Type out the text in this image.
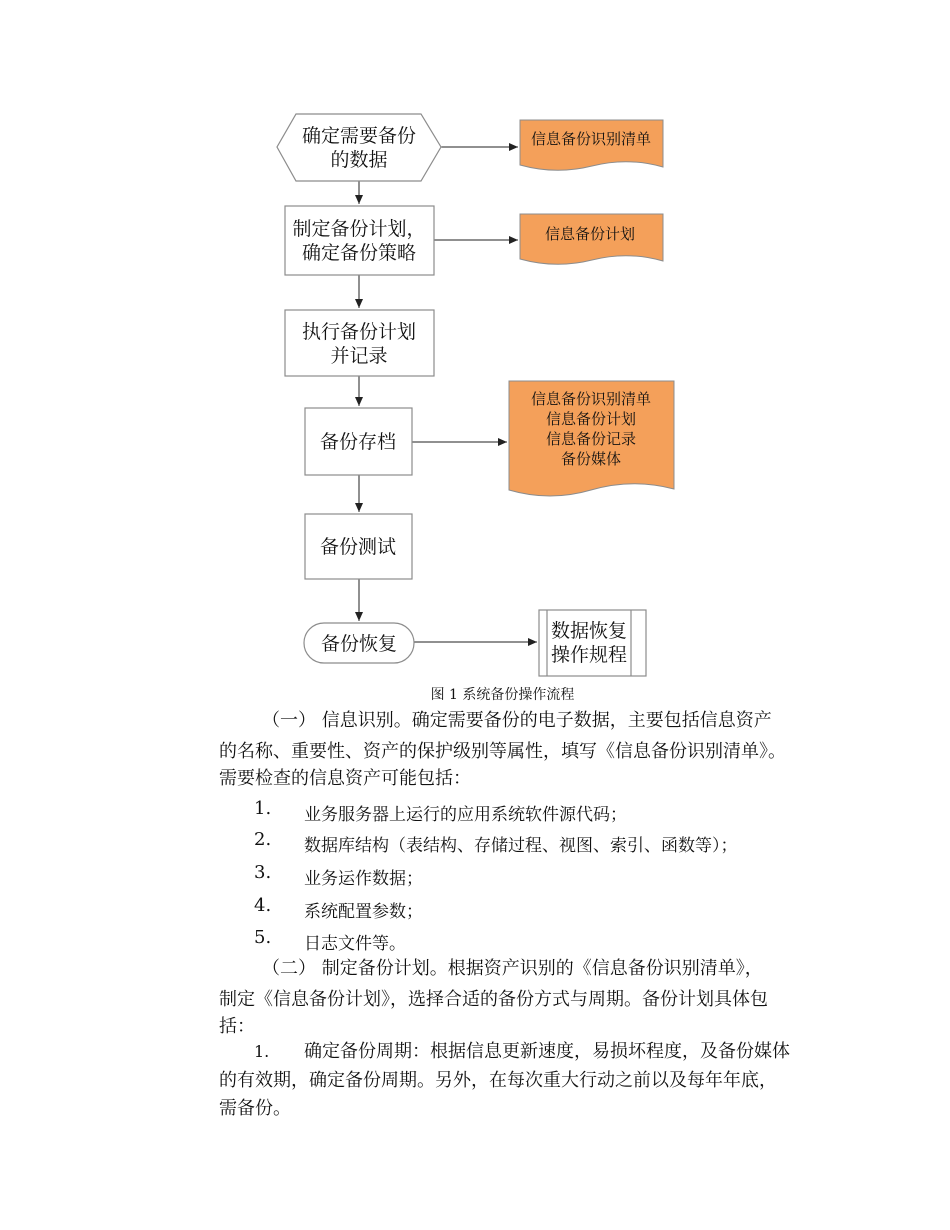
确定需要备份
的数据
制定备份计划，
确定备份策略
执行备份计划
并记录
备份存档
备份测试
备份恢复
信息备份识别清单
信息备份计划
信息备份识别清单
信息备份计划
信息备份记录
备份媒体
数据恢复
操作规程
图 1 系统备份操作流程
（一） 信息识别。确定需要备份的电子数据，主要包括信息资产
的名称、重要性、资产的保护级别等属性，填写《信息备份识别清单》。
需要检查的信息资产可能包括：
1. 业务服务器上运行的应用系统软件源代码；
2. 数据库结构（表结构、存储过程、视图、索引、函数等）；
3. 业务运作数据；
4. 系统配置参数；
5. 日志文件等。
（二） 制定备份计划。根据资产识别的《信息备份识别清单》，
制定《信息备份计划》，选择合适的备份方式与周期。备份计划具体包
括：
1. 确定备份周期：根据信息更新速度，易损坏程度，及备份媒体
的有效期，确定备份周期。另外，在每次重大行动之前以及每年年底，
需备份。
